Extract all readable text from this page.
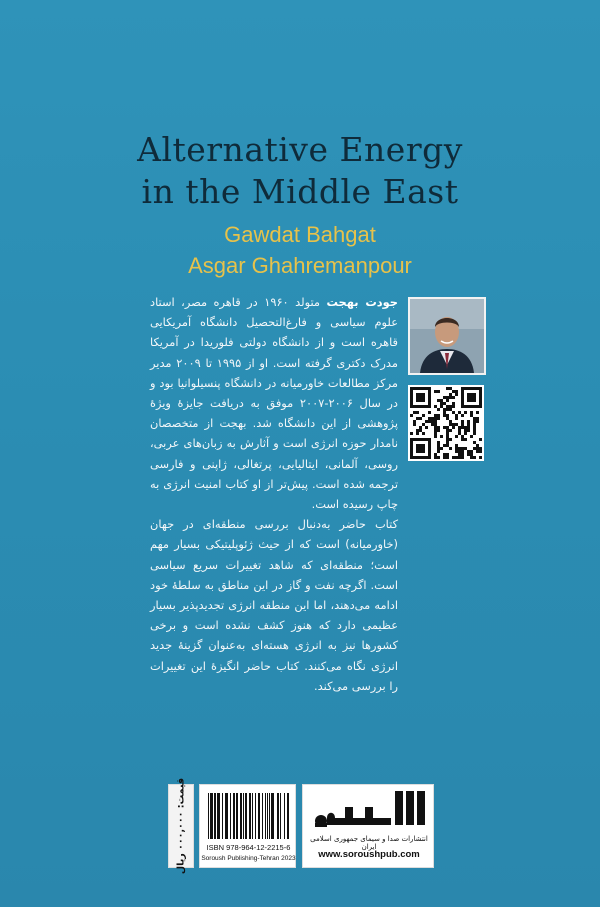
Alternative Energy
in the Middle East
Gawdat Bahgat
Asgar Ghahremanpour

جودت بهجت متولد ۱۹۶۰ در قاهره مصر، استاد علوم سیاسی و فارغ‌التحصیل دانشگاه آمریکایی قاهره است و از دانشگاه دولتی فلوریدا در آمریکا مدرک دکتری گرفته است. او از ۱۹۹۵ تا ۲۰۰۹ مدیر مرکز مطالعات خاورمیانه در دانشگاه پنسیلوانیا بود و در سال ۲۰۰۶-۲۰۰۷ موفق به دریافت جایزهٔ ویژهٔ پژوهشی از این دانشگاه شد. بهجت از متخصصان نامدار حوزه انرژی است و آثارش به زبان‌های عربی، روسی، آلمانی، ایتالیایی، پرتغالی، ژاپنی و فارسی ترجمه شده است. پیش‌تر از او کتاب امنیت انرژی به چاپ رسیده است.

کتاب حاضر به‌دنبال بررسی منطقه‌ای در جهان (خاورمیانه) است که از حیث ژئوپلیتیکی بسیار مهم است؛ منطقه‌ای که شاهد تغییرات سریع سیاسی است. اگرچه نفت و گاز در این مناطق به سلطهٔ خود ادامه می‌دهند، اما این منطقه انرژی تجدیدپذیر بسیار عظیمی دارد که هنوز کشف نشده است و برخی کشورها نیز به انرژی هسته‌ای به‌عنوان گزینهٔ جدید انرژی نگاه می‌کنند. کتاب حاضر انگیزهٔ این تغییرات را بررسی می‌کند.

قیمت: ۰۰۰,۰۰۰ ریال
ISBN 978-964-12-2215-6
Soroush Publishing-Tehran 2023
انتشارات صدا و سیمای جمهوری اسلامی ایران
www.soroushpub.com
